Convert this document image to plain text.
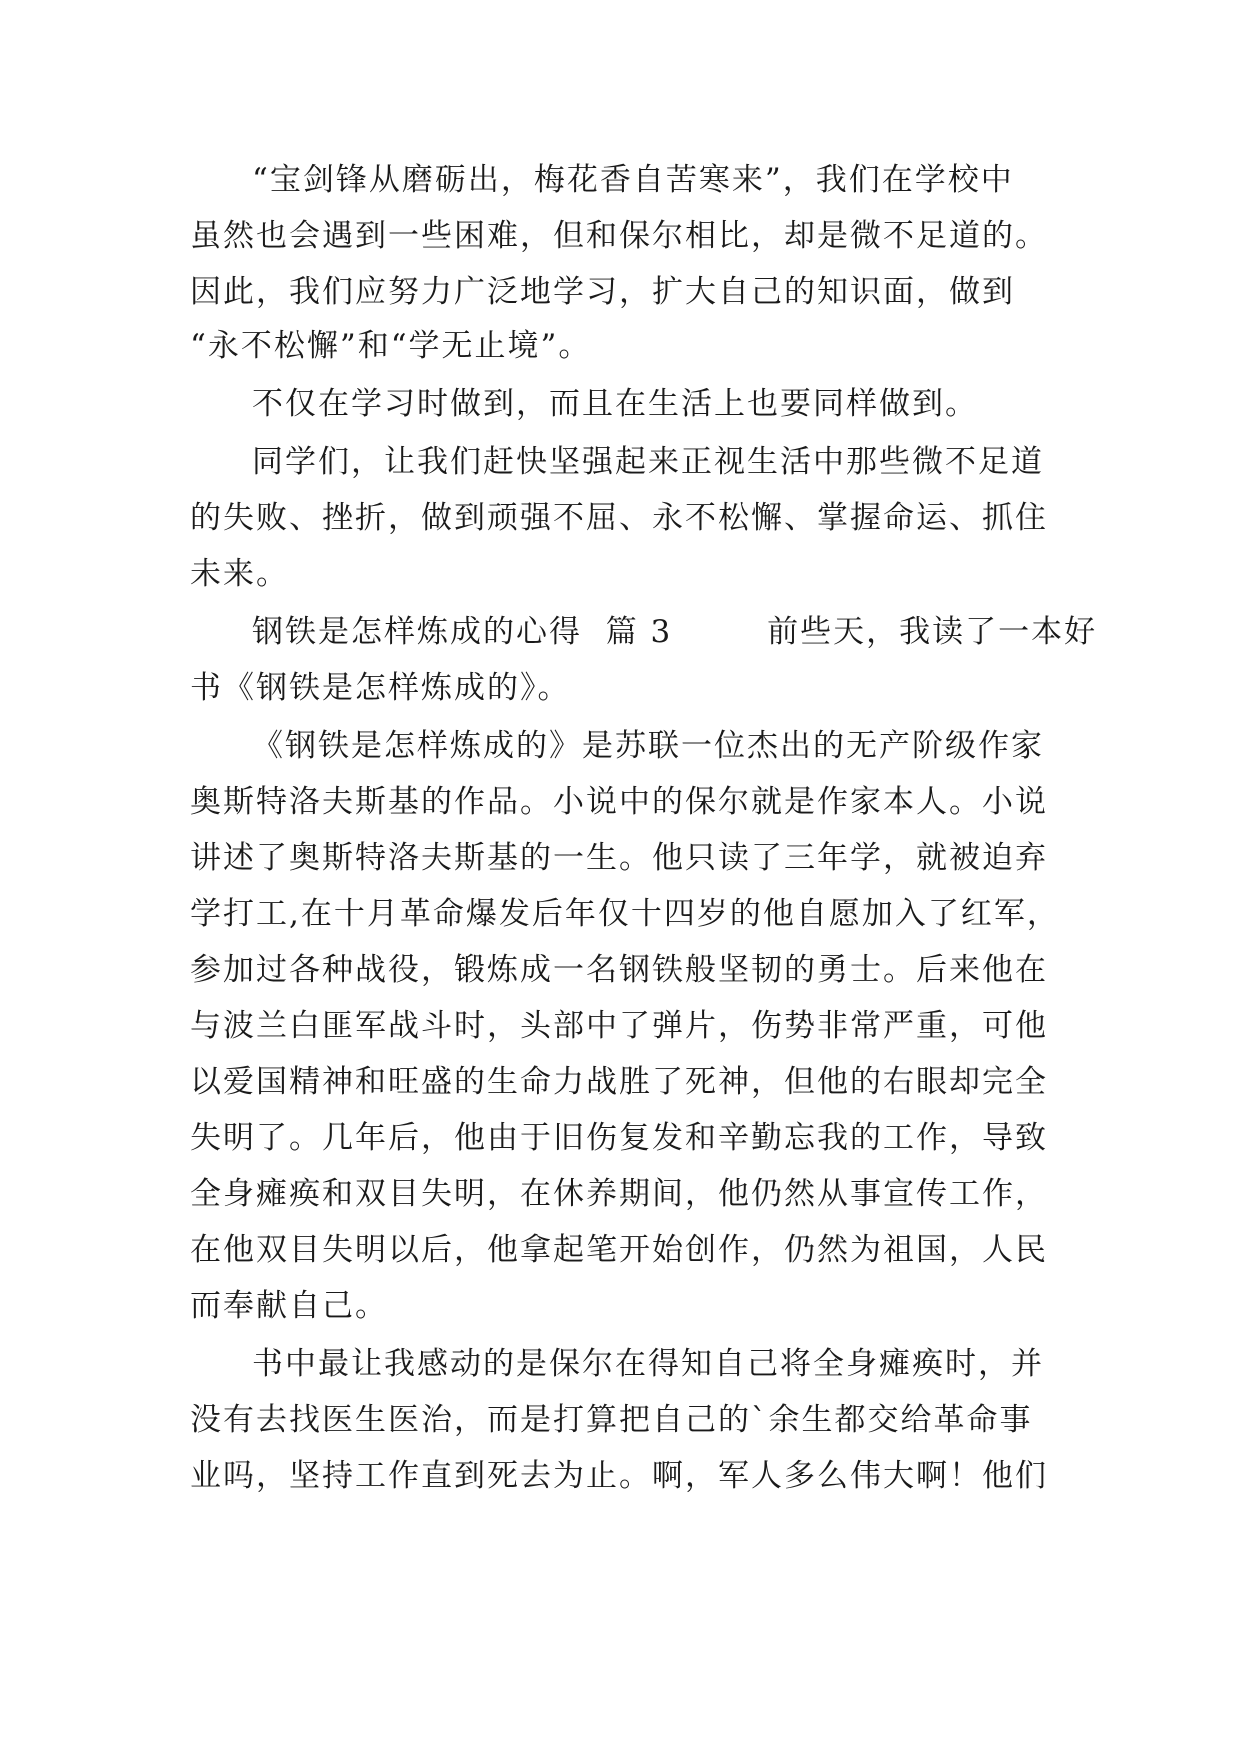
“宝剑锋从磨砺出，梅花香自苦寒来”，我们在学校中
虽然也会遇到一些困难，但和保尔相比，却是微不足道的。
因此，我们应努力广泛地学习，扩大自己的知识面，做到
“永不松懈”和“学无止境”。
不仅在学习时做到，而且在生活上也要同样做到。
同学们，让我们赶快坚强起来正视生活中那些微不足道
的失败、挫折，做到顽强不屈、永不松懈、掌握命运、抓住
未来。
钢铁是怎样炼成的心得  篇 3        前些天，我读了一本好
书《钢铁是怎样炼成的》。
《钢铁是怎样炼成的》是苏联一位杰出的无产阶级作家
奥斯特洛夫斯基的作品。小说中的保尔就是作家本人。小说
讲述了奥斯特洛夫斯基的一生。他只读了三年学，就被迫弃
学打工,在十月革命爆发后年仅十四岁的他自愿加入了红军，
参加过各种战役，锻炼成一名钢铁般坚韧的勇士。后来他在
与波兰白匪军战斗时，头部中了弹片，伤势非常严重，可他
以爱国精神和旺盛的生命力战胜了死神，但他的右眼却完全
失明了。几年后，他由于旧伤复发和辛勤忘我的工作，导致
全身瘫痪和双目失明，在休养期间，他仍然从事宣传工作，
在他双目失明以后，他拿起笔开始创作，仍然为祖国，人民
而奉献自己。
书中最让我感动的是保尔在得知自己将全身瘫痪时，并
没有去找医生医治，而是打算把自己的`余生都交给革命事
业吗，坚持工作直到死去为止。啊，军人多么伟大啊！他们
